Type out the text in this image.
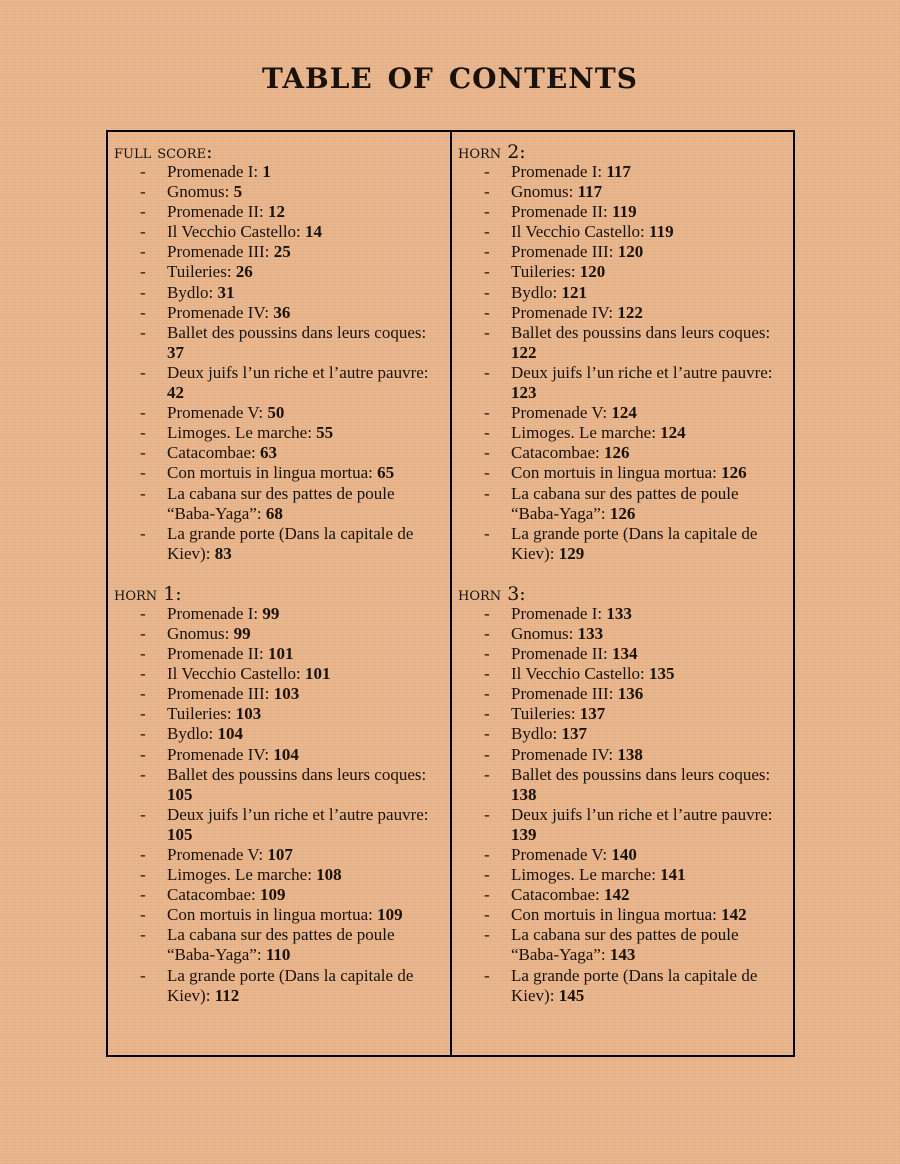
table of contents
full score:
- Promenade I: 1
- Gnomus: 5
- Promenade II: 12
- Il Vecchio Castello: 14
- Promenade III: 25
- Tuileries: 26
- Bydlo: 31
- Promenade IV: 36
- Ballet des poussins dans leurs coques: 37
- Deux juifs l’un riche et l’autre pauvre: 42
- Promenade V: 50
- Limoges. Le marche: 55
- Catacombae: 63
- Con mortuis in lingua mortua: 65
- La cabana sur des pattes de poule “Baba-Yaga”: 68
- La grande porte (Dans la capitale de Kiev): 83
horn 1:
- Promenade I: 99
- Gnomus: 99
- Promenade II: 101
- Il Vecchio Castello: 101
- Promenade III: 103
- Tuileries: 103
- Bydlo: 104
- Promenade IV: 104
- Ballet des poussins dans leurs coques: 105
- Deux juifs l’un riche et l’autre pauvre: 105
- Promenade V: 107
- Limoges. Le marche: 108
- Catacombae: 109
- Con mortuis in lingua mortua: 109
- La cabana sur des pattes de poule “Baba-Yaga”: 110
- La grande porte (Dans la capitale de Kiev): 112
horn 2:
- Promenade I: 117
- Gnomus: 117
- Promenade II: 119
- Il Vecchio Castello: 119
- Promenade III: 120
- Tuileries: 120
- Bydlo: 121
- Promenade IV: 122
- Ballet des poussins dans leurs coques: 122
- Deux juifs l’un riche et l’autre pauvre: 123
- Promenade V: 124
- Limoges. Le marche: 124
- Catacombae: 126
- Con mortuis in lingua mortua: 126
- La cabana sur des pattes de poule “Baba-Yaga”: 126
- La grande porte (Dans la capitale de Kiev): 129
horn 3:
- Promenade I: 133
- Gnomus: 133
- Promenade II: 134
- Il Vecchio Castello: 135
- Promenade III: 136
- Tuileries: 137
- Bydlo: 137
- Promenade IV: 138
- Ballet des poussins dans leurs coques: 138
- Deux juifs l’un riche et l’autre pauvre: 139
- Promenade V: 140
- Limoges. Le marche: 141
- Catacombae: 142
- Con mortuis in lingua mortua: 142
- La cabana sur des pattes de poule “Baba-Yaga”: 143
- La grande porte (Dans la capitale de Kiev): 145
